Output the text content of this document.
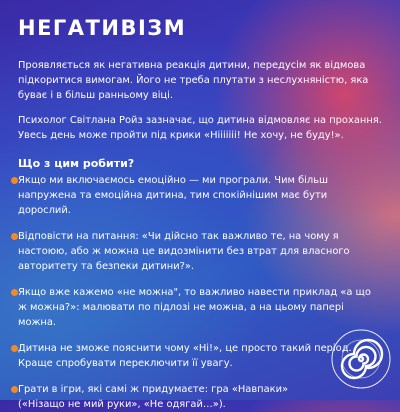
НЕГАТИВІЗМ

Проявляється як негативна реакція дитини, передусім як відмова підкоритися вимогам. Його не треба плутати з неслухняністю, яка буває і в більш ранньому віці.

Психолог Світлана Ройз зазначає, що дитина відмовляє на прохання. Увесь день може пройти під крики «Нііііііі! Не хочу, не буду!».

Що з цим робити?
Якщо ми включаємось емоційно — ми програли. Чим більш напружена та емоційна дитина, тим спокійнішим має бути дорослий.
Відповісти на питання: «Чи дійсно так важливо те, на чому я настоюю, або ж можна це видозмінити без втрат для власного авторитету та безпеки дитини?».
Якщо вже кажемо «не можна", то важливо навести приклад «а що ж можна?»: малювати по підлозі не можна, а на цьому папері можна.
Дитина не зможе пояснити чому «Ні!», це просто такий період. Краще спробувати переключити її увагу.
Грати в ігри, які самі ж придумаєте: гра «Навпаки» («Нізащо не мий руки», «Не одягай…»).
